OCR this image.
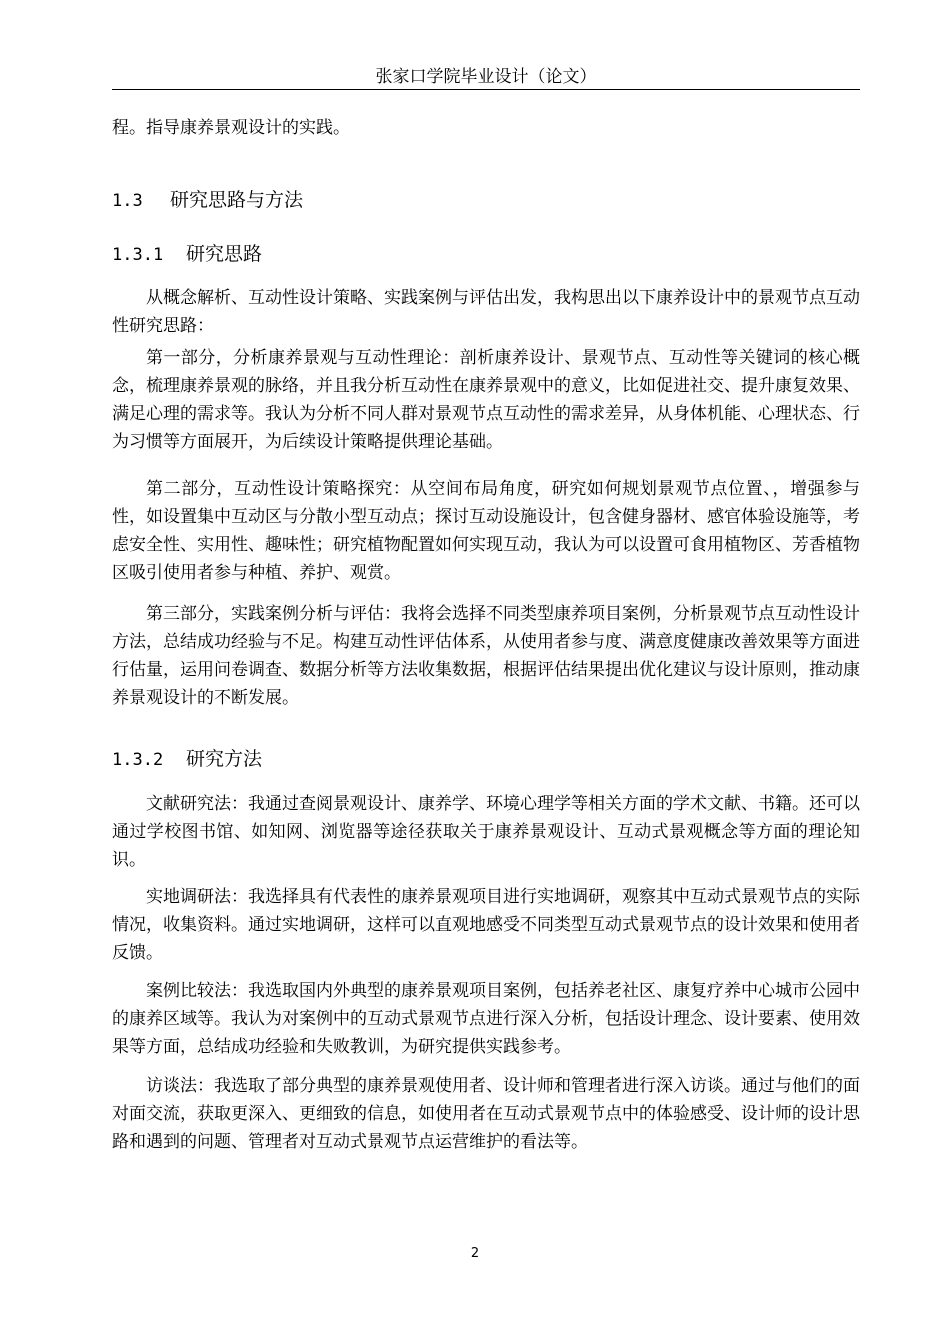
张家口学院毕业设计（论文）
程。指导康养景观设计的实践。
1.3 研究思路与方法
1.3.1 研究思路
从概念解析、互动性设计策略、实践案例与评估出发，我构思出以下康养设计中的景观节点互动性研究思路：
第一部分，分析康养景观与互动性理论：剖析康养设计、景观节点、互动性等关键词的核心概念，梳理康养景观的脉络，并且我分析互动性在康养景观中的意义，比如促进社交、提升康复效果、满足心理的需求等。我认为分析不同人群对景观节点互动性的需求差异，从身体机能、心理状态、行为习惯等方面展开，为后续设计策略提供理论基础。
第二部分，互动性设计策略探究：从空间布局角度，研究如何规划景观节点位置、，增强参与性，如设置集中互动区与分散小型互动点；探讨互动设施设计，包含健身器材、感官体验设施等，考虑安全性、实用性、趣味性；研究植物配置如何实现互动，我认为可以设置可食用植物区、芳香植物区吸引使用者参与种植、养护、观赏。
第三部分，实践案例分析与评估：我将会选择不同类型康养项目案例，分析景观节点互动性设计方法，总结成功经验与不足。构建互动性评估体系，从使用者参与度、满意度健康改善效果等方面进行估量，运用问卷调查、数据分析等方法收集数据，根据评估结果提出优化建议与设计原则，推动康养景观设计的不断发展。
1.3.2 研究方法
文献研究法：我通过查阅景观设计、康养学、环境心理学等相关方面的学术文献、书籍。还可以通过学校图书馆、如知网、浏览器等途径获取关于康养景观设计、互动式景观概念等方面的理论知识。
实地调研法：我选择具有代表性的康养景观项目进行实地调研，观察其中互动式景观节点的实际情况，收集资料。通过实地调研，这样可以直观地感受不同类型互动式景观节点的设计效果和使用者反馈。
案例比较法：我选取国内外典型的康养景观项目案例，包括养老社区、康复疗养中心城市公园中的康养区域等。我认为对案例中的互动式景观节点进行深入分析，包括设计理念、设计要素、使用效果等方面，总结成功经验和失败教训，为研究提供实践参考。
访谈法：我选取了部分典型的康养景观使用者、设计师和管理者进行深入访谈。通过与他们的面对面交流，获取更深入、更细致的信息，如使用者在互动式景观节点中的体验感受、设计师的设计思路和遇到的问题、管理者对互动式景观节点运营维护的看法等。
2
